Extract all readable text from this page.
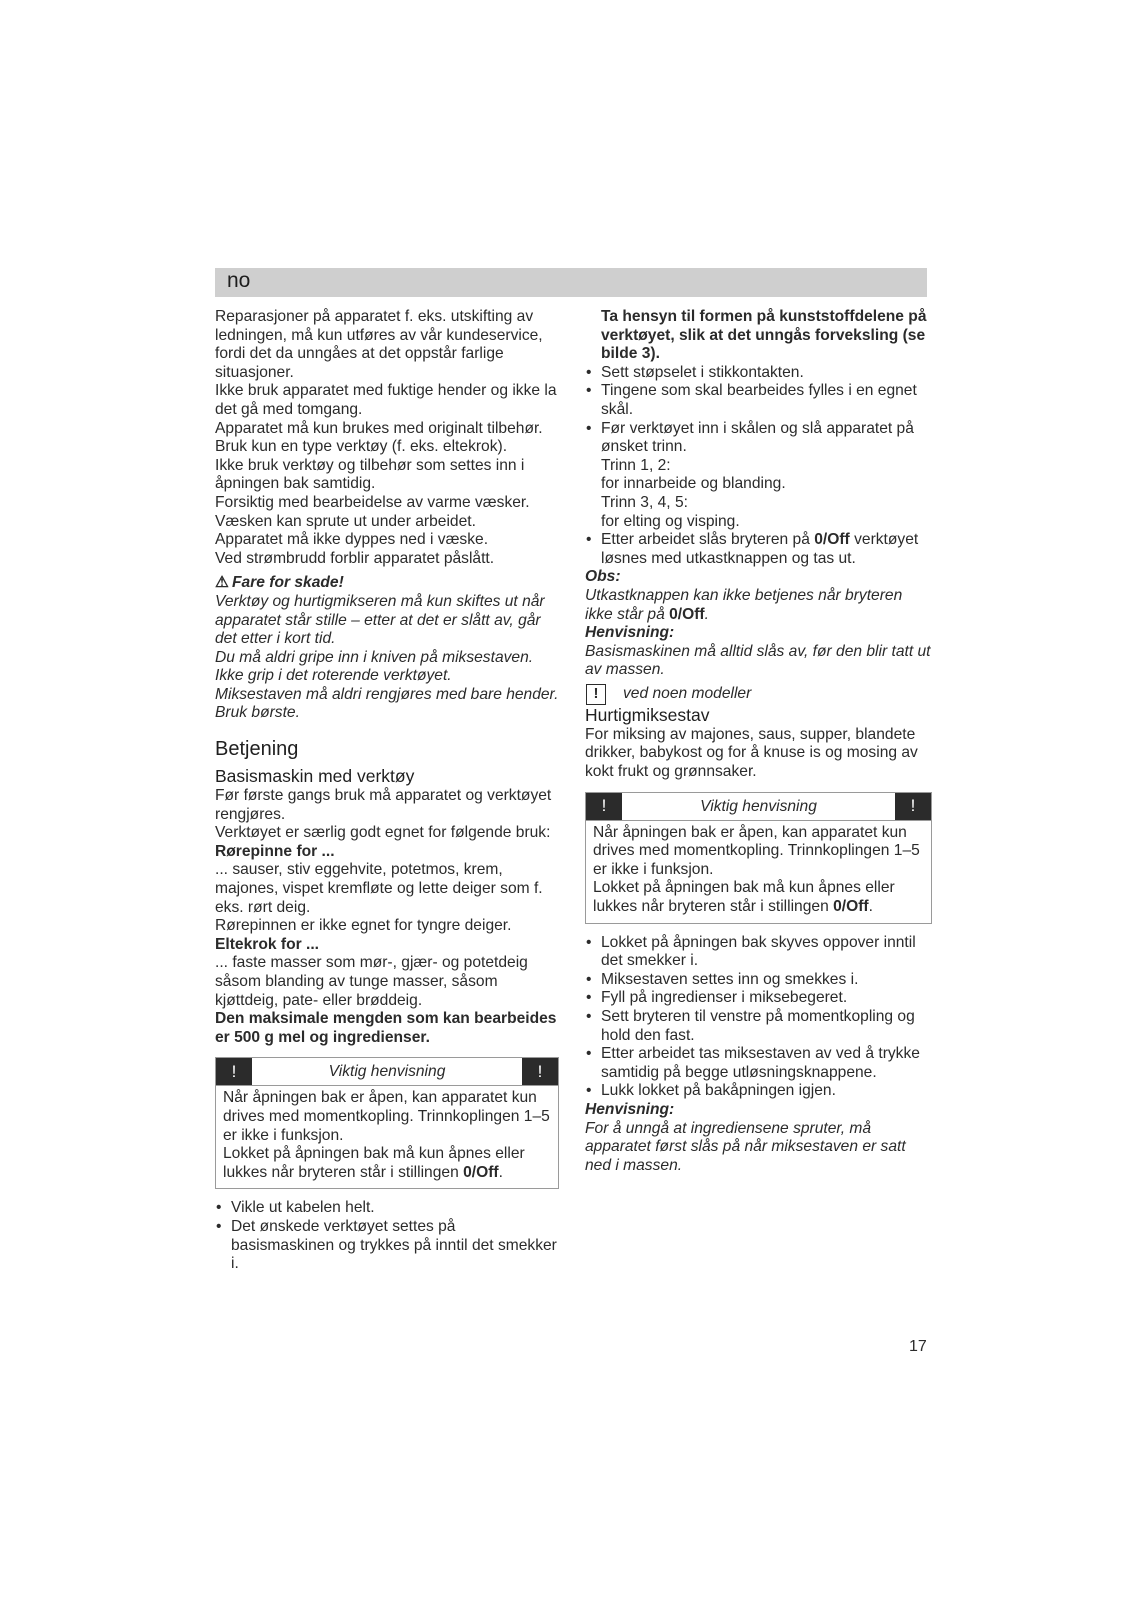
no

Reparasjoner på apparatet f. eks. utskifting av ledningen, må kun utføres av vår kundeservice, fordi det da unngåes at det oppstår farlige situasjoner.

Ikke bruk apparatet med fuktige hender og ikke la det gå med tomgang.

Apparatet må kun brukes med originalt tilbehør.

Bruk kun en type verktøy (f. eks. eltekrok).

Ikke bruk verktøy og tilbehør som settes inn i åpningen bak samtidig.

Forsiktig med bearbeidelse av varme væsker. Væsken kan sprute ut under arbeidet.

Apparatet må ikke dyppes ned i væske.

Ved strømbrudd forblir apparatet påslått.

⚠ Fare for skade!

Verktøy og hurtigmikseren må kun skiftes ut når apparatet står stille – etter at det er slått av, går det etter i kort tid.

Du må aldri gripe inn i kniven på miksestaven. Ikke grip i det roterende verktøyet.

Miksestaven må aldri rengjøres med bare hender. Bruk børste.

Betjening
Basismaskin med verktøy

Før første gangs bruk må apparatet og verktøyet rengjøres.

Verktøyet er særlig godt egnet for følgende bruk:

Rørepinne for ...

... sauser, stiv eggehvite, potetmos, krem, majones, vispet kremfløte og lette deiger som f. eks. rørt deig.

Rørepinnen er ikke egnet for tyngre deiger.

Eltekrok for ...

... faste masser som mør-, gjær- og potetdeig såsom blanding av tunge masser, såsom kjøttdeig, pate- eller brøddeig.

Den maksimale mengden som kan bearbeides er 500 g mel og ingredienser.

!	Viktig henvisning	!

Når åpningen bak er åpen, kan apparatet kun drives med momentkopling. Trinnkoplingen 1–5 er ikke i funksjon.

Lokket på åpningen bak må kun åpnes eller lukkes når bryteren står i stillingen 0/Off.

• Vikle ut kabelen helt.
• Det ønskede verktøyet settes på basismaskinen og trykkes på inntil det smekker i.

Ta hensyn til formen på kunststoffdelene på verktøyet, slik at det unngås forveksling (se bilde 3).

• Sett støpselet i stikkontakten.
• Tingene som skal bearbeides fylles i en egnet skål.
• Før verktøyet inn i skålen og slå apparatet på ønsket trinn.
Trinn 1, 2:
for innarbeide og blanding.
Trinn 3, 4, 5:
for elting og visping.
• Etter arbeidet slås bryteren på 0/Off verktøyet løsnes med utkastknappen og tas ut.

Obs:

Utkastknappen kan ikke betjenes når bryteren ikke står på 0/Off.

Henvisning:

Basismaskinen må alltid slås av, før den blir tatt ut av massen.

!	ved noen modeller
Hurtigmiksestav

For miksing av majones, saus, supper, blandete drikker, babykost og for å knuse is og mosing av kokt frukt og grønnsaker.

!	Viktig henvisning	!

Når åpningen bak er åpen, kan apparatet kun drives med momentkopling. Trinnkoplingen 1–5 er ikke i funksjon.

Lokket på åpningen bak må kun åpnes eller lukkes når bryteren står i stillingen 0/Off.

• Lokket på åpningen bak skyves oppover inntil det smekker i.
• Miksestaven settes inn og smekkes i.
• Fyll på ingredienser i miksebegeret.
• Sett bryteren til venstre på momentkopling og hold den fast.
• Etter arbeidet tas miksestaven av ved å trykke samtidig på begge utløsningsknappene.
• Lukk lokket på bakåpningen igjen.

Henvisning:

For å unngå at ingrediensene spruter, må apparatet først slås på når miksestaven er satt ned i massen.

17
